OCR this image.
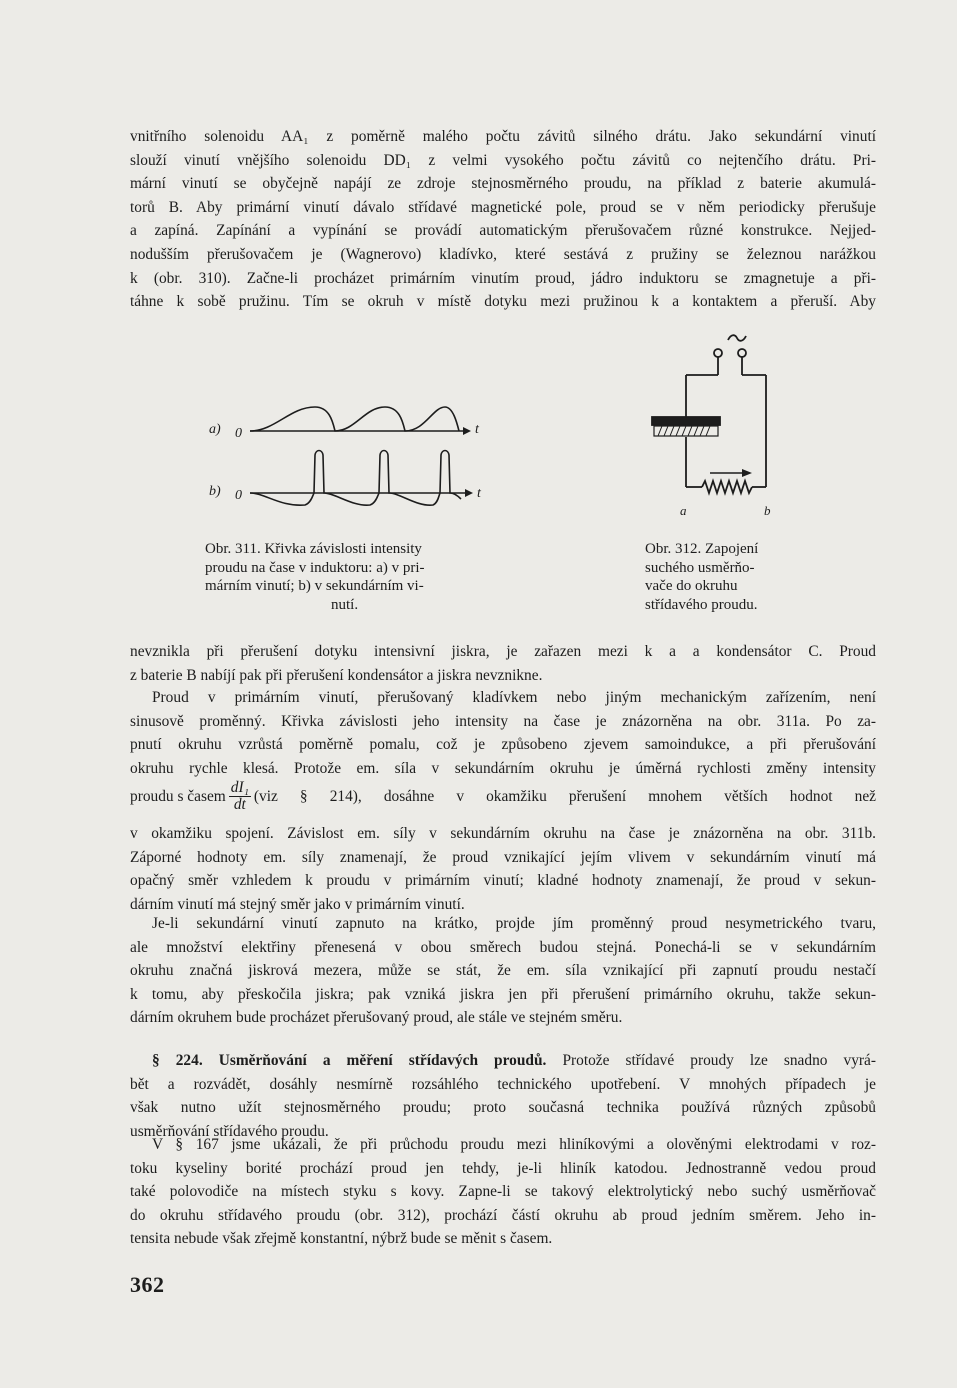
vnitřního solenoidu AA₁ z poměrně malého počtu závitů silného drátu. Jako sekundární vinutí
slouží vinutí vnějšího solenoidu DD₁ z velmi vysokého počtu závitů co nejtenčího drátu. Pri-
mární vinutí se obyčejně napájí ze zdroje stejnosměrného proudu, na příklad z baterie akumulá-
torů B. Aby primární vinutí dávalo střídavé magnetické pole, proud se v něm periodicky přerušuje
a zapíná. Zapínání a vypínání se provádí automatickým přerušovačem různé konstrukce. Nejjed-
nodušším přerušovačem je (Wagnerovo) kladívko, které sestává z pružiny se železnou narážkou
k (obr. 310). Začne-li procházet primárním vinutím proud, jádro induktoru se zmagnetuje a při-
táhne k sobě pružinu. Tím se okruh v místě dotyku mezi pružinou k a kontaktem a přeruší. Aby

a) 0	t
b) 0	t
a	b

Obr. 311. Křivka závislosti intensity
proudu na čase v induktoru: a) v pri-
márním vinutí; b) v sekundárním vi-
nutí.

Obr. 312. Zapojení
suchého usměrňo-
vače do okruhu
střídavého proudu.

nevznikla při přerušení dotyku intensivní jiskra, je zařazen mezi k a a kondensátor C. Proud
z baterie B nabíjí pak při přerušení kondensátor a jiskra nevznikne.

Proud v primárním vinutí, přerušovaný kladívkem nebo jiným mechanickým zařízením, není
sinusově proměnný. Křivka závislosti jeho intensity na čase je znázorněna na obr. 311a. Po za-
pnutí okruhu vzrůstá poměrně pomalu, což je způsobeno zjevem samoindukce, a při přerušování
okruhu rychle klesá. Protože em. síla v sekundárním okruhu je úměrná rychlosti změny intensity

proudu s časem $\frac{\text{dI₁}}{dt} (viz$ § 214), dosáhne v okamžiku přerušení mnohem větších hodnot než

v okamžiku spojení. Závislost em. síly v sekundárním okruhu na čase je znázorněna na obr. 311b.
Záporné hodnoty em. síly znamenají, že proud vznikající jejím vlivem v sekundárním vinutí má
opačný směr vzhledem k proudu v primárním vinutí; kladné hodnoty znamenají, že proud v sekun-
dárním vinutí má stejný směr jako v primárním vinutí.

Je-li sekundární vinutí zapnuto na krátko, projde jím proměnný proud nesymetrického tvaru,
ale množství elektřiny přenesená v obou směrech budou stejná. Ponechá-li se v sekundárním
okruhu značná jiskrová mezera, může se stát, že em. síla vznikající při zapnutí proudu nestačí
k tomu, aby přeskočila jiskra; pak vzniká jiskra jen při přerušení primárního okruhu, takže sekun-
dárním okruhem bude procházet přerušovaný proud, ale stále ve stejném směru.

§ 224. Usměrňování a měření střídavých proudů. Protože střídavé proudy lze snadno vyrá-
bět a rozvádět, dosáhly nesmírně rozsáhlého technického upotřebení. V mnohých případech je
však nutno užít stejnosměrného proudu; proto současná technika používá různých způsobů
usměrňování střídavého proudu.

V § 167 jsme ukázali, že při průchodu proudu mezi hliníkovými a olověnými elektrodami v roz-
toku kyseliny borité prochází proud jen tehdy, je-li hliník katodou. Jednostranně vedou proud
také polovodiče na místech styku s kovy. Zapne-li se takový elektrolytický nebo suchý usměrňovač
do okruhu střídavého proudu (obr. 312), prochází částí okruhu ab proud jedním směrem. Jeho in-
tensita nebude však zřejmě konstantní, nýbrž bude se měnit s časem.

362
